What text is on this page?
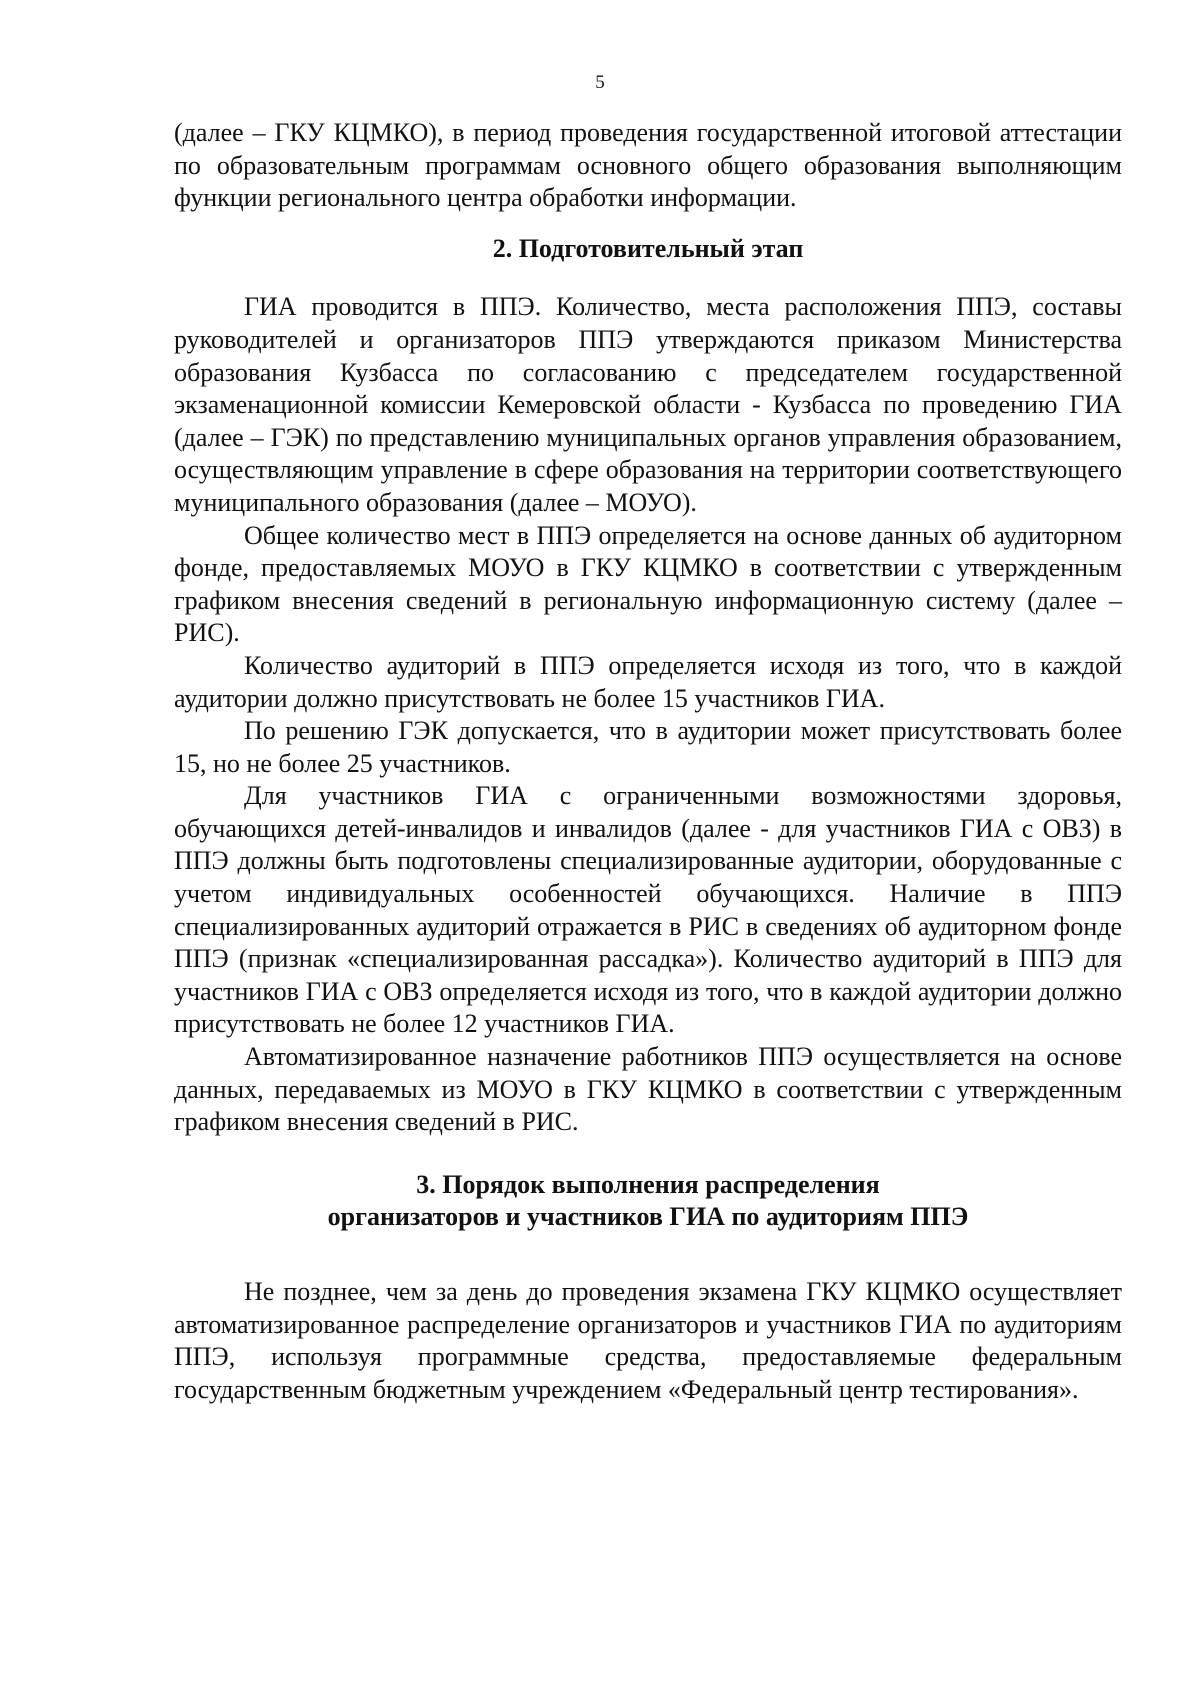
5

(далее – ГКУ КЦМКО), в период проведения государственной итоговой аттестации по образовательным программам основного общего образования выполняющим функции регионального центра обработки информации.

2. Подготовительный этап

ГИА проводится в ППЭ. Количество, места расположения ППЭ, составы руководителей и организаторов ППЭ утверждаются приказом Министерства образования Кузбасса по согласованию с председателем государственной экзаменационной комиссии Кемеровской области - Кузбасса по проведению ГИА (далее – ГЭК) по представлению муниципальных органов управления образованием, осуществляющим управление в сфере образования на территории соответствующего муниципального образования (далее – МОУО).

Общее количество мест в ППЭ определяется на основе данных об аудиторном фонде, предоставляемых МОУО в ГКУ КЦМКО в соответствии с утвержденным графиком внесения сведений в региональную информационную систему (далее – РИС).

Количество аудиторий в ППЭ определяется исходя из того, что в каждой аудитории должно присутствовать не более 15 участников ГИА.

По решению ГЭК допускается, что в аудитории может присутствовать более 15, но не более 25 участников.

Для участников ГИА с ограниченными возможностями здоровья, обучающихся детей-инвалидов и инвалидов (далее - для участников ГИА с ОВЗ) в ППЭ должны быть подготовлены специализированные аудитории, оборудованные с учетом индивидуальных особенностей обучающихся. Наличие в ППЭ специализированных аудиторий отражается в РИС в сведениях об аудиторном фонде ППЭ (признак «специализированная рассадка»). Количество аудиторий в ППЭ для участников ГИА с ОВЗ определяется исходя из того, что в каждой аудитории должно присутствовать не более 12 участников ГИА.

Автоматизированное назначение работников ППЭ осуществляется на основе данных, передаваемых из МОУО в ГКУ КЦМКО в соответствии с утвержденным графиком внесения сведений в РИС.

3. Порядок выполнения распределения
организаторов и участников ГИА по аудиториям ППЭ

Не позднее, чем за день до проведения экзамена ГКУ КЦМКО осуществляет автоматизированное распределение организаторов и участников ГИА по аудиториям ППЭ, используя программные средства, предоставляемые федеральным государственным бюджетным учреждением «Федеральный центр тестирования».
